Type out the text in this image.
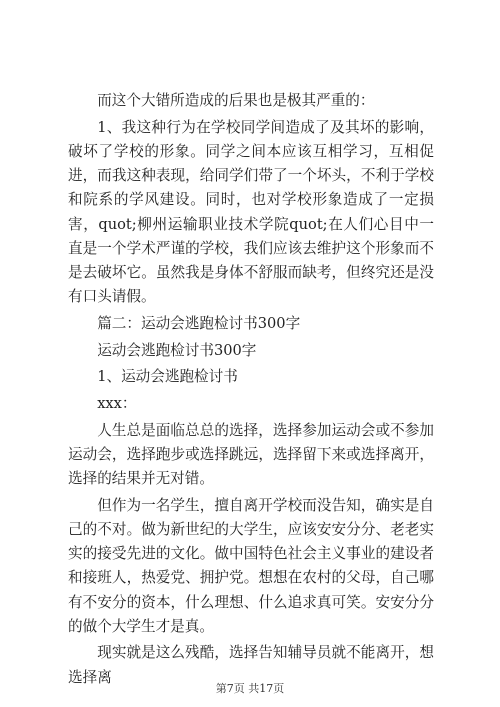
而这个大错所造成的后果也是极其严重的：

1、我这种行为在学校同学间造成了及其坏的影响，破坏了学校的形象。同学之间本应该互相学习，互相促进，而我这种表现，给同学们带了一个坏头，不利于学校和院系的学风建设。同时，也对学校形象造成了一定损害，quot;柳州运输职业技术学院quot;在人们心目中一直是一个学术严谨的学校，我们应该去维护这个形象而不是去破坏它。虽然我是身体不舒服而缺考，但终究还是没有口头请假。

篇二：运动会逃跑检讨书300字

运动会逃跑检讨书300字

1、运动会逃跑检讨书

xxx：

人生总是面临总总的选择，选择参加运动会或不参加运动会，选择跑步或选择跳远，选择留下来或选择离开，选择的结果并无对错。

但作为一名学生，擅自离开学校而没告知，确实是自己的不对。做为新世纪的大学生，应该安安分分、老老实实的接受先进的文化。做中国特色社会主义事业的建设者和接班人，热爱党、拥护党。想想在农村的父母，自己哪有不安分的资本，什么理想、什么追求真可笑。安安分分的做个大学生才是真。

现实就是这么残酷，选择告知辅导员就不能离开，想选择离

第7页 共17页
